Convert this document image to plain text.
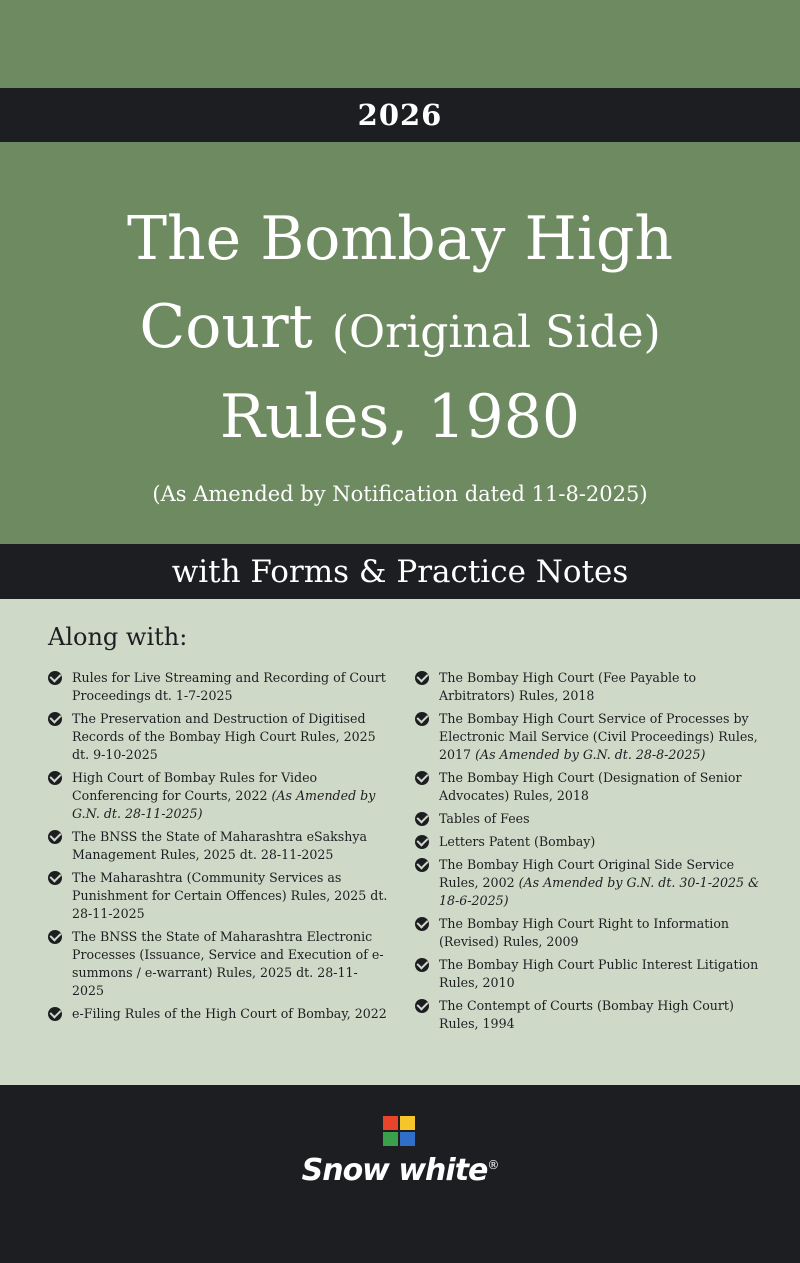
2026
The Bombay High
Court (Original Side)
Rules, 1980
(As Amended by Notification dated 11-8-2025)
with Forms & Practice Notes
Along with:
Rules for Live Streaming and Recording of Court Proceedings dt. 1-7-2025
The Preservation and Destruction of Digitised Records of the Bombay High Court Rules, 2025 dt. 9-10-2025
High Court of Bombay Rules for Video Conferencing for Courts, 2022 (As Amended by G.N. dt. 28-11-2025)
The BNSS the State of Maharashtra eSakshya Management Rules, 2025 dt. 28-11-2025
The Maharashtra (Community Services as Punishment for Certain Offences) Rules, 2025 dt. 28-11-2025
The BNSS the State of Maharashtra Electronic Processes (Issuance, Service and Execution of e-summons / e-warrant) Rules, 2025 dt. 28-11-2025
e-Filing Rules of the High Court of Bombay, 2022
The Bombay High Court (Fee Payable to Arbitrators) Rules, 2018
The Bombay High Court Service of Processes by Electronic Mail Service (Civil Proceedings) Rules, 2017 (As Amended by G.N. dt. 28-8-2025)
The Bombay High Court (Designation of Senior Advocates) Rules, 2018
Tables of Fees
Letters Patent (Bombay)
The Bombay High Court Original Side Service Rules, 2002 (As Amended by G.N. dt. 30-1-2025 & 18-6-2025)
The Bombay High Court Right to Information (Revised) Rules, 2009
The Bombay High Court Public Interest Litigation Rules, 2010
The Contempt of Courts (Bombay High Court) Rules, 1994
Snow white®
